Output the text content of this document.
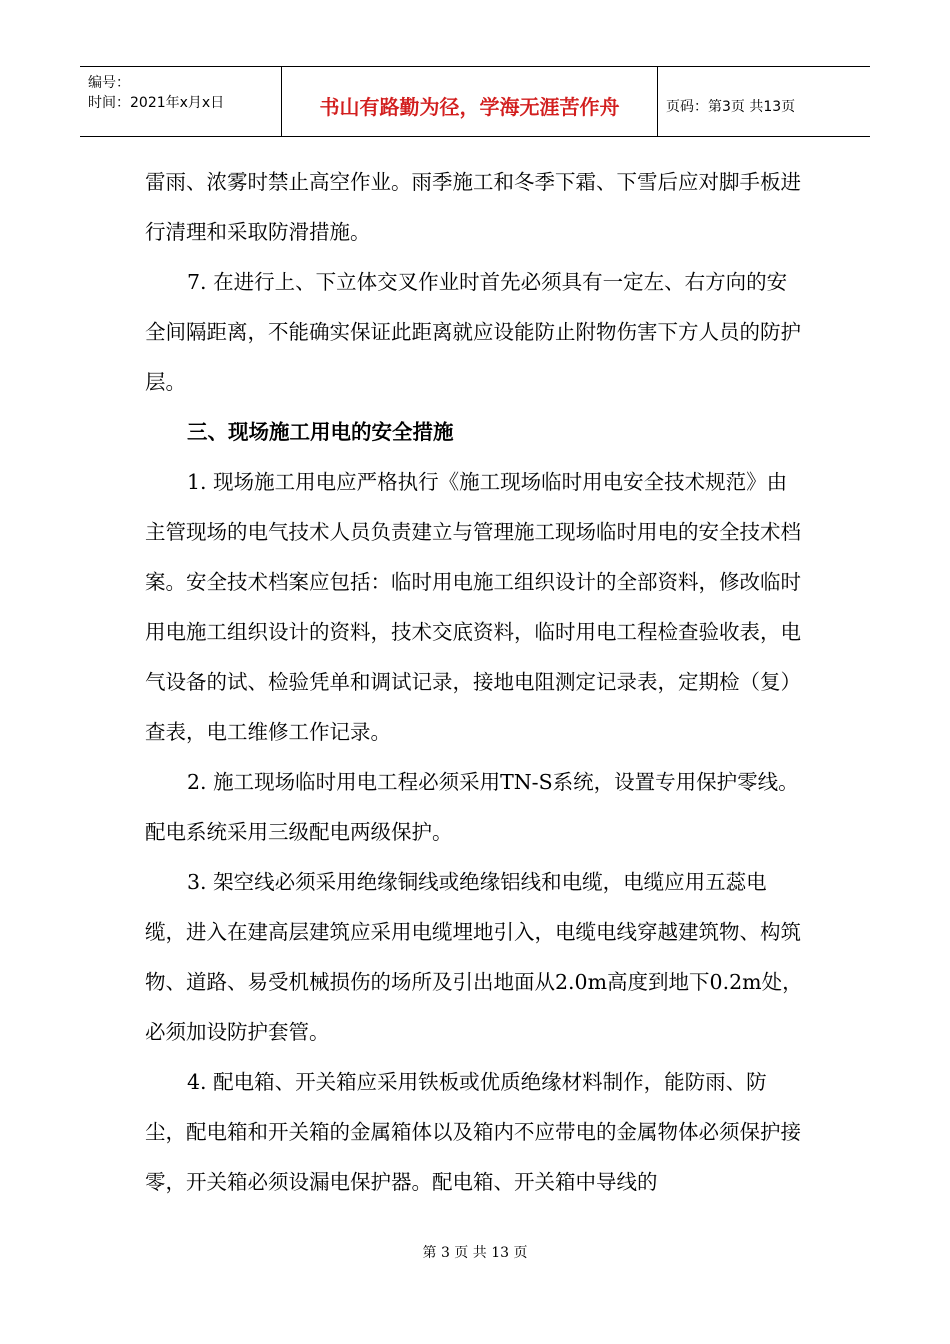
编号：
时间：2021年x月x日	书山有路勤为径，学海无涯苦作舟	页码：第3页 共13页

雷雨、浓雾时禁止高空作业。雨季施工和冬季下霜、下雪后应对脚手板进行清理和采取防滑措施。

7. 在进行上、下立体交叉作业时首先必须具有一定左、右方向的安全间隔距离，不能确实保证此距离就应设能防止附物伤害下方人员的防护层。

三、现场施工用电的安全措施

1. 现场施工用电应严格执行《施工现场临时用电安全技术规范》由主管现场的电气技术人员负责建立与管理施工现场临时用电的安全技术档案。安全技术档案应包括：临时用电施工组织设计的全部资料，修改临时用电施工组织设计的资料，技术交底资料，临时用电工程检查验收表，电气设备的试、检验凭单和调试记录，接地电阻测定记录表，定期检（复）查表，电工维修工作记录。

2. 施工现场临时用电工程必须采用TN-S系统，设置专用保护零线。配电系统采用三级配电两级保护。

3. 架空线必须采用绝缘铜线或绝缘铝线和电缆，电缆应用五蕊电缆，进入在建高层建筑应采用电缆埋地引入，电缆电线穿越建筑物、构筑物、道路、易受机械损伤的场所及引出地面从2.0m高度到地下0.2m处，必须加设防护套管。

4. 配电箱、开关箱应采用铁板或优质绝缘材料制作，能防雨、防尘，配电箱和开关箱的金属箱体以及箱内不应带电的金属物体必须保护接零，开关箱必须设漏电保护器。配电箱、开关箱中导线的

第 3 页 共 13 页
